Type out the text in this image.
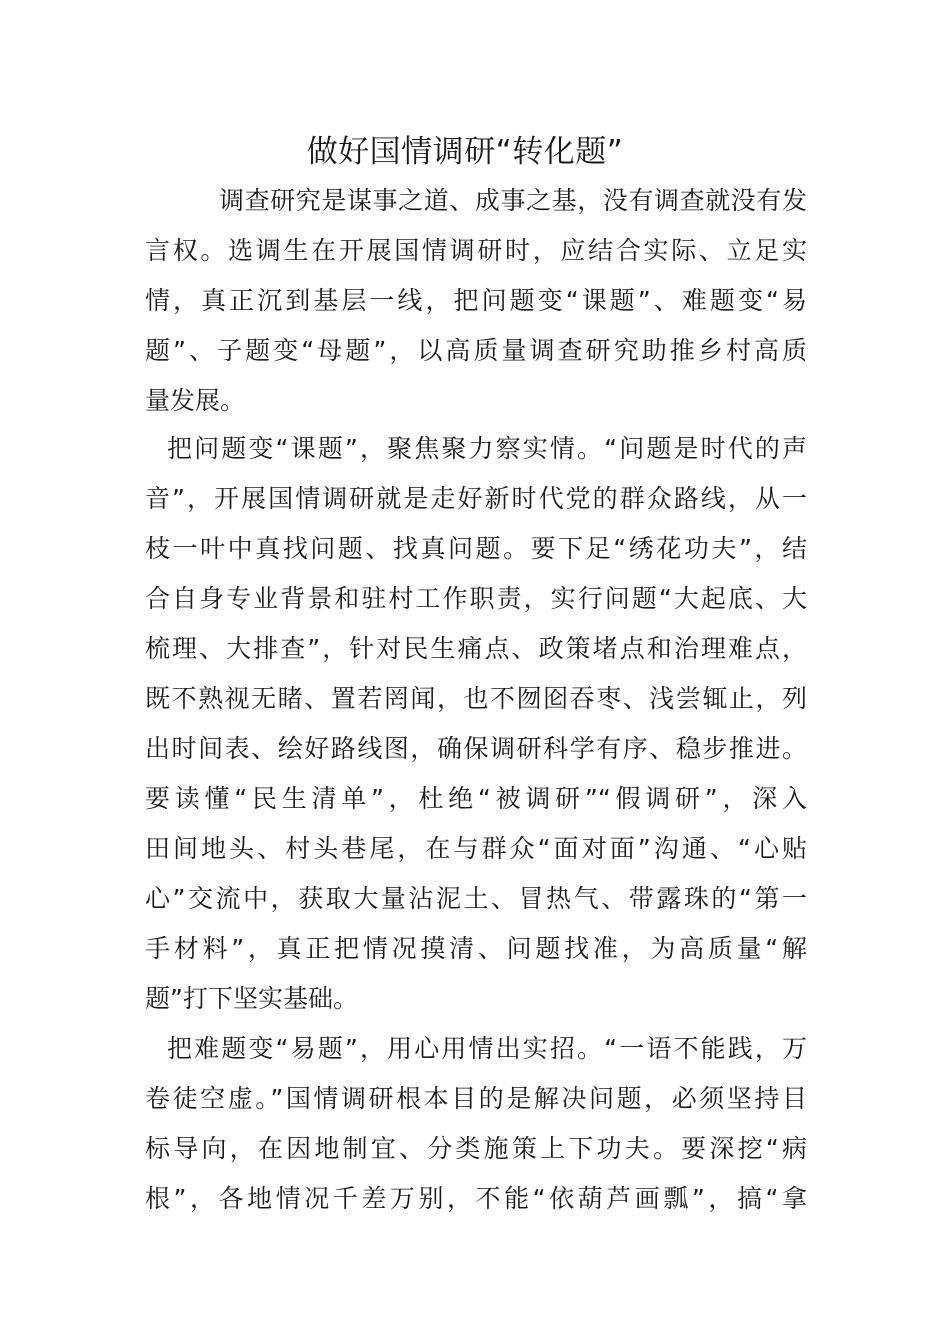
做好国情调研“转化题”
调查研究是谋事之道、成事之基，没有调查就没有发
言权。选调生在开展国情调研时，应结合实际、立足实
情，真正沉到基层一线，把问题变“课题”、难题变“易
题”、子题变“母题”，以高质量调查研究助推乡村高质
量发展。
把问题变“课题”，聚焦聚力察实情。“问题是时代的声
音”，开展国情调研就是走好新时代党的群众路线，从一
枝一叶中真找问题、找真问题。要下足“绣花功夫”，结
合自身专业背景和驻村工作职责，实行问题“大起底、大
梳理、大排查”，针对民生痛点、政策堵点和治理难点，
既不熟视无睹、置若罔闻，也不囫囵吞枣、浅尝辄止，列
出时间表、绘好路线图，确保调研科学有序、稳步推进。
要读懂“民生清单”，杜绝“被调研”“假调研”，深入
田间地头、村头巷尾，在与群众“面对面”沟通、“心贴
心”交流中，获取大量沾泥土、冒热气、带露珠的“第一
手材料”，真正把情况摸清、问题找准，为高质量“解
题”打下坚实基础。
把难题变“易题”，用心用情出实招。“一语不能践，万
卷徒空虚。”国情调研根本目的是解决问题，必须坚持目
标导向，在因地制宜、分类施策上下功夫。要深挖“病
根”，各地情况千差万别，不能“依葫芦画瓢”，搞“拿
